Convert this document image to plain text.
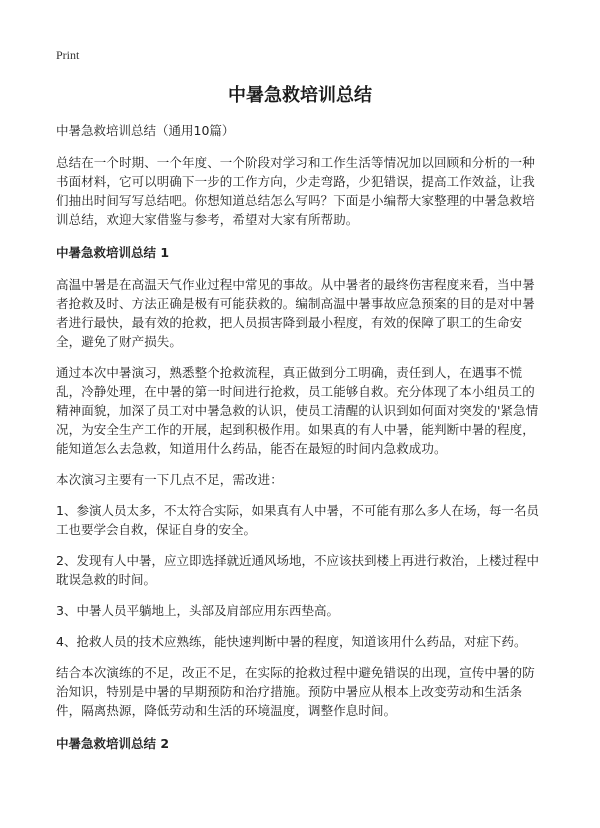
Print
中暑急救培训总结
中暑急救培训总结（通用10篇）
总结在一个时期、一个年度、一个阶段对学习和工作生活等情况加以回顾和分析的一种书面材料，它可以明确下一步的工作方向，少走弯路，少犯错误，提高工作效益，让我们抽出时间写写总结吧。你想知道总结怎么写吗？下面是小编帮大家整理的中暑急救培训总结，欢迎大家借鉴与参考，希望对大家有所帮助。
中暑急救培训总结 1
高温中暑是在高温天气作业过程中常见的事故。从中暑者的最终伤害程度来看，当中暑者抢救及时、方法正确是极有可能获救的。编制高温中暑事故应急预案的目的是对中暑者进行最快，最有效的抢救，把人员损害降到最小程度，有效的保障了职工的生命安全，避免了财产损失。
通过本次中暑演习，熟悉整个抢救流程，真正做到分工明确，责任到人，在遇事不慌乱，冷静处理，在中暑的第一时间进行抢救，员工能够自救。充分体现了本小组员工的精神面貌，加深了员工对中暑急救的认识，使员工清醒的认识到如何面对突发的'紧急情况，为安全生产工作的开展，起到积极作用。如果真的有人中暑，能判断中暑的程度，能知道怎么去急救，知道用什么药品，能否在最短的时间内急救成功。
本次演习主要有一下几点不足，需改进：
1、参演人员太多，不太符合实际，如果真有人中暑，不可能有那么多人在场，每一名员工也要学会自救，保证自身的安全。
2、发现有人中暑，应立即选择就近通风场地，不应该扶到楼上再进行救治，上楼过程中耽误急救的时间。
3、中暑人员平躺地上，头部及肩部应用东西垫高。
4、抢救人员的技术应熟练，能快速判断中暑的程度，知道该用什么药品，对症下药。
结合本次演练的不足，改正不足，在实际的抢救过程中避免错误的出现，宣传中暑的防治知识，特别是中暑的早期预防和治疗措施。预防中暑应从根本上改变劳动和生活条件，隔离热源，降低劳动和生活的环境温度，调整作息时间。
中暑急救培训总结 2
